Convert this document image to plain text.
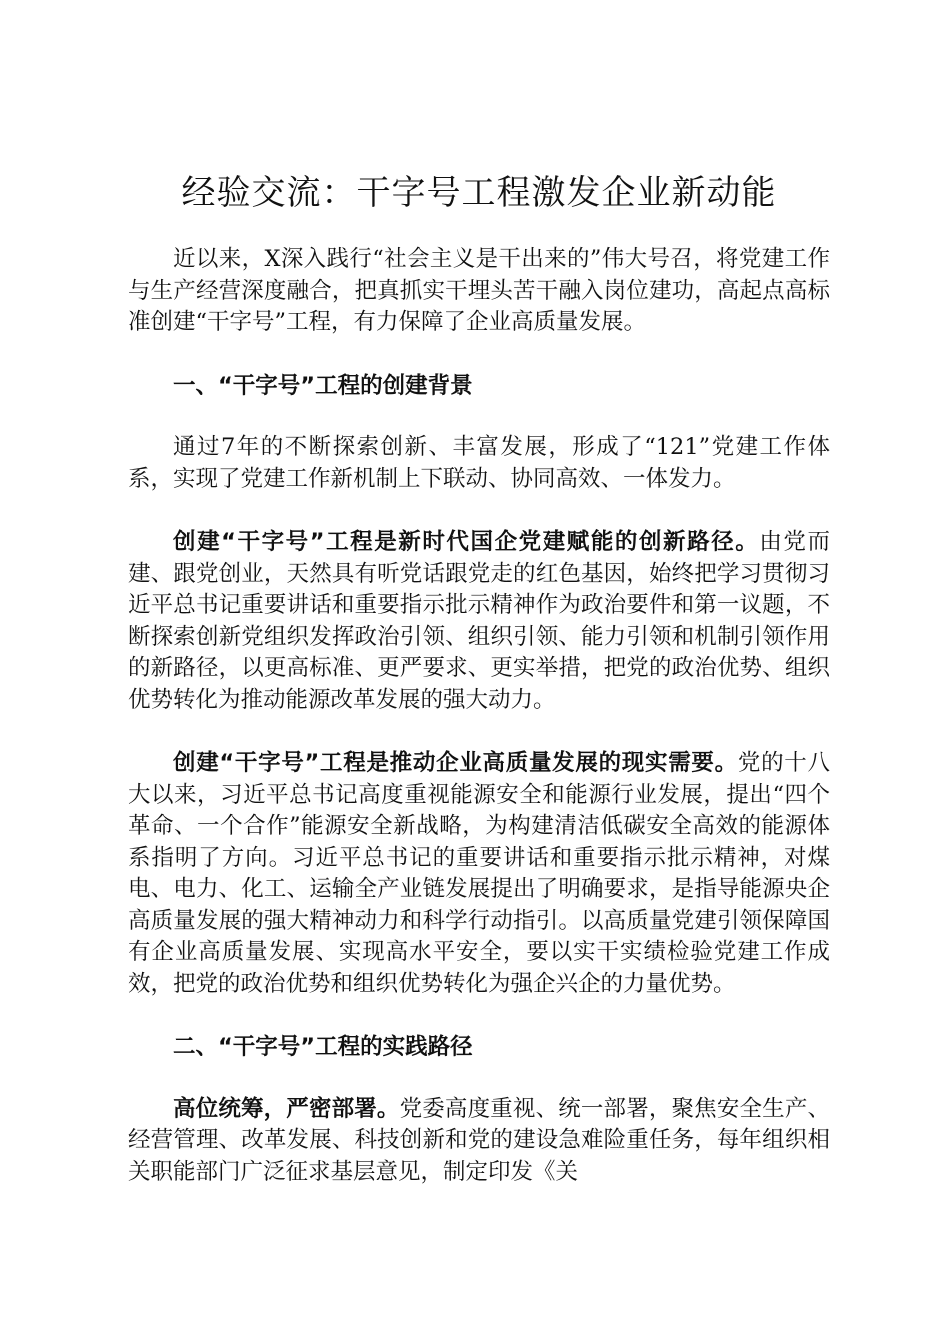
经验交流：干字号工程激发企业新动能

近以来，X深入践行“社会主义是干出来的”伟大号召，将党建工作与生产经营深度融合，把真抓实干埋头苦干融入岗位建功，高起点高标准创建“干字号”工程，有力保障了企业高质量发展。

一、“干字号”工程的创建背景

通过7年的不断探索创新、丰富发展，形成了“121”党建工作体系，实现了党建工作新机制上下联动、协同高效、一体发力。

创建“干字号”工程是新时代国企党建赋能的创新路径。由党而建、跟党创业，天然具有听党话跟党走的红色基因，始终把学习贯彻习近平总书记重要讲话和重要指示批示精神作为政治要件和第一议题，不断探索创新党组织发挥政治引领、组织引领、能力引领和机制引领作用的新路径，以更高标准、更严要求、更实举措，把党的政治优势、组织优势转化为推动能源改革发展的强大动力。

创建“干字号”工程是推动企业高质量发展的现实需要。党的十八大以来，习近平总书记高度重视能源安全和能源行业发展，提出“四个革命、一个合作”能源安全新战略，为构建清洁低碳安全高效的能源体系指明了方向。习近平总书记的重要讲话和重要指示批示精神，对煤电、电力、化工、运输全产业链发展提出了明确要求，是指导能源央企高质量发展的强大精神动力和科学行动指引。以高质量党建引领保障国有企业高质量发展、实现高水平安全，要以实干实绩检验党建工作成效，把党的政治优势和组织优势转化为强企兴企的力量优势。

二、“干字号”工程的实践路径

高位统筹，严密部署。党委高度重视、统一部署，聚焦安全生产、经营管理、改革发展、科技创新和党的建设急难险重任务，每年组织相关职能部门广泛征求基层意见，制定印发《关
